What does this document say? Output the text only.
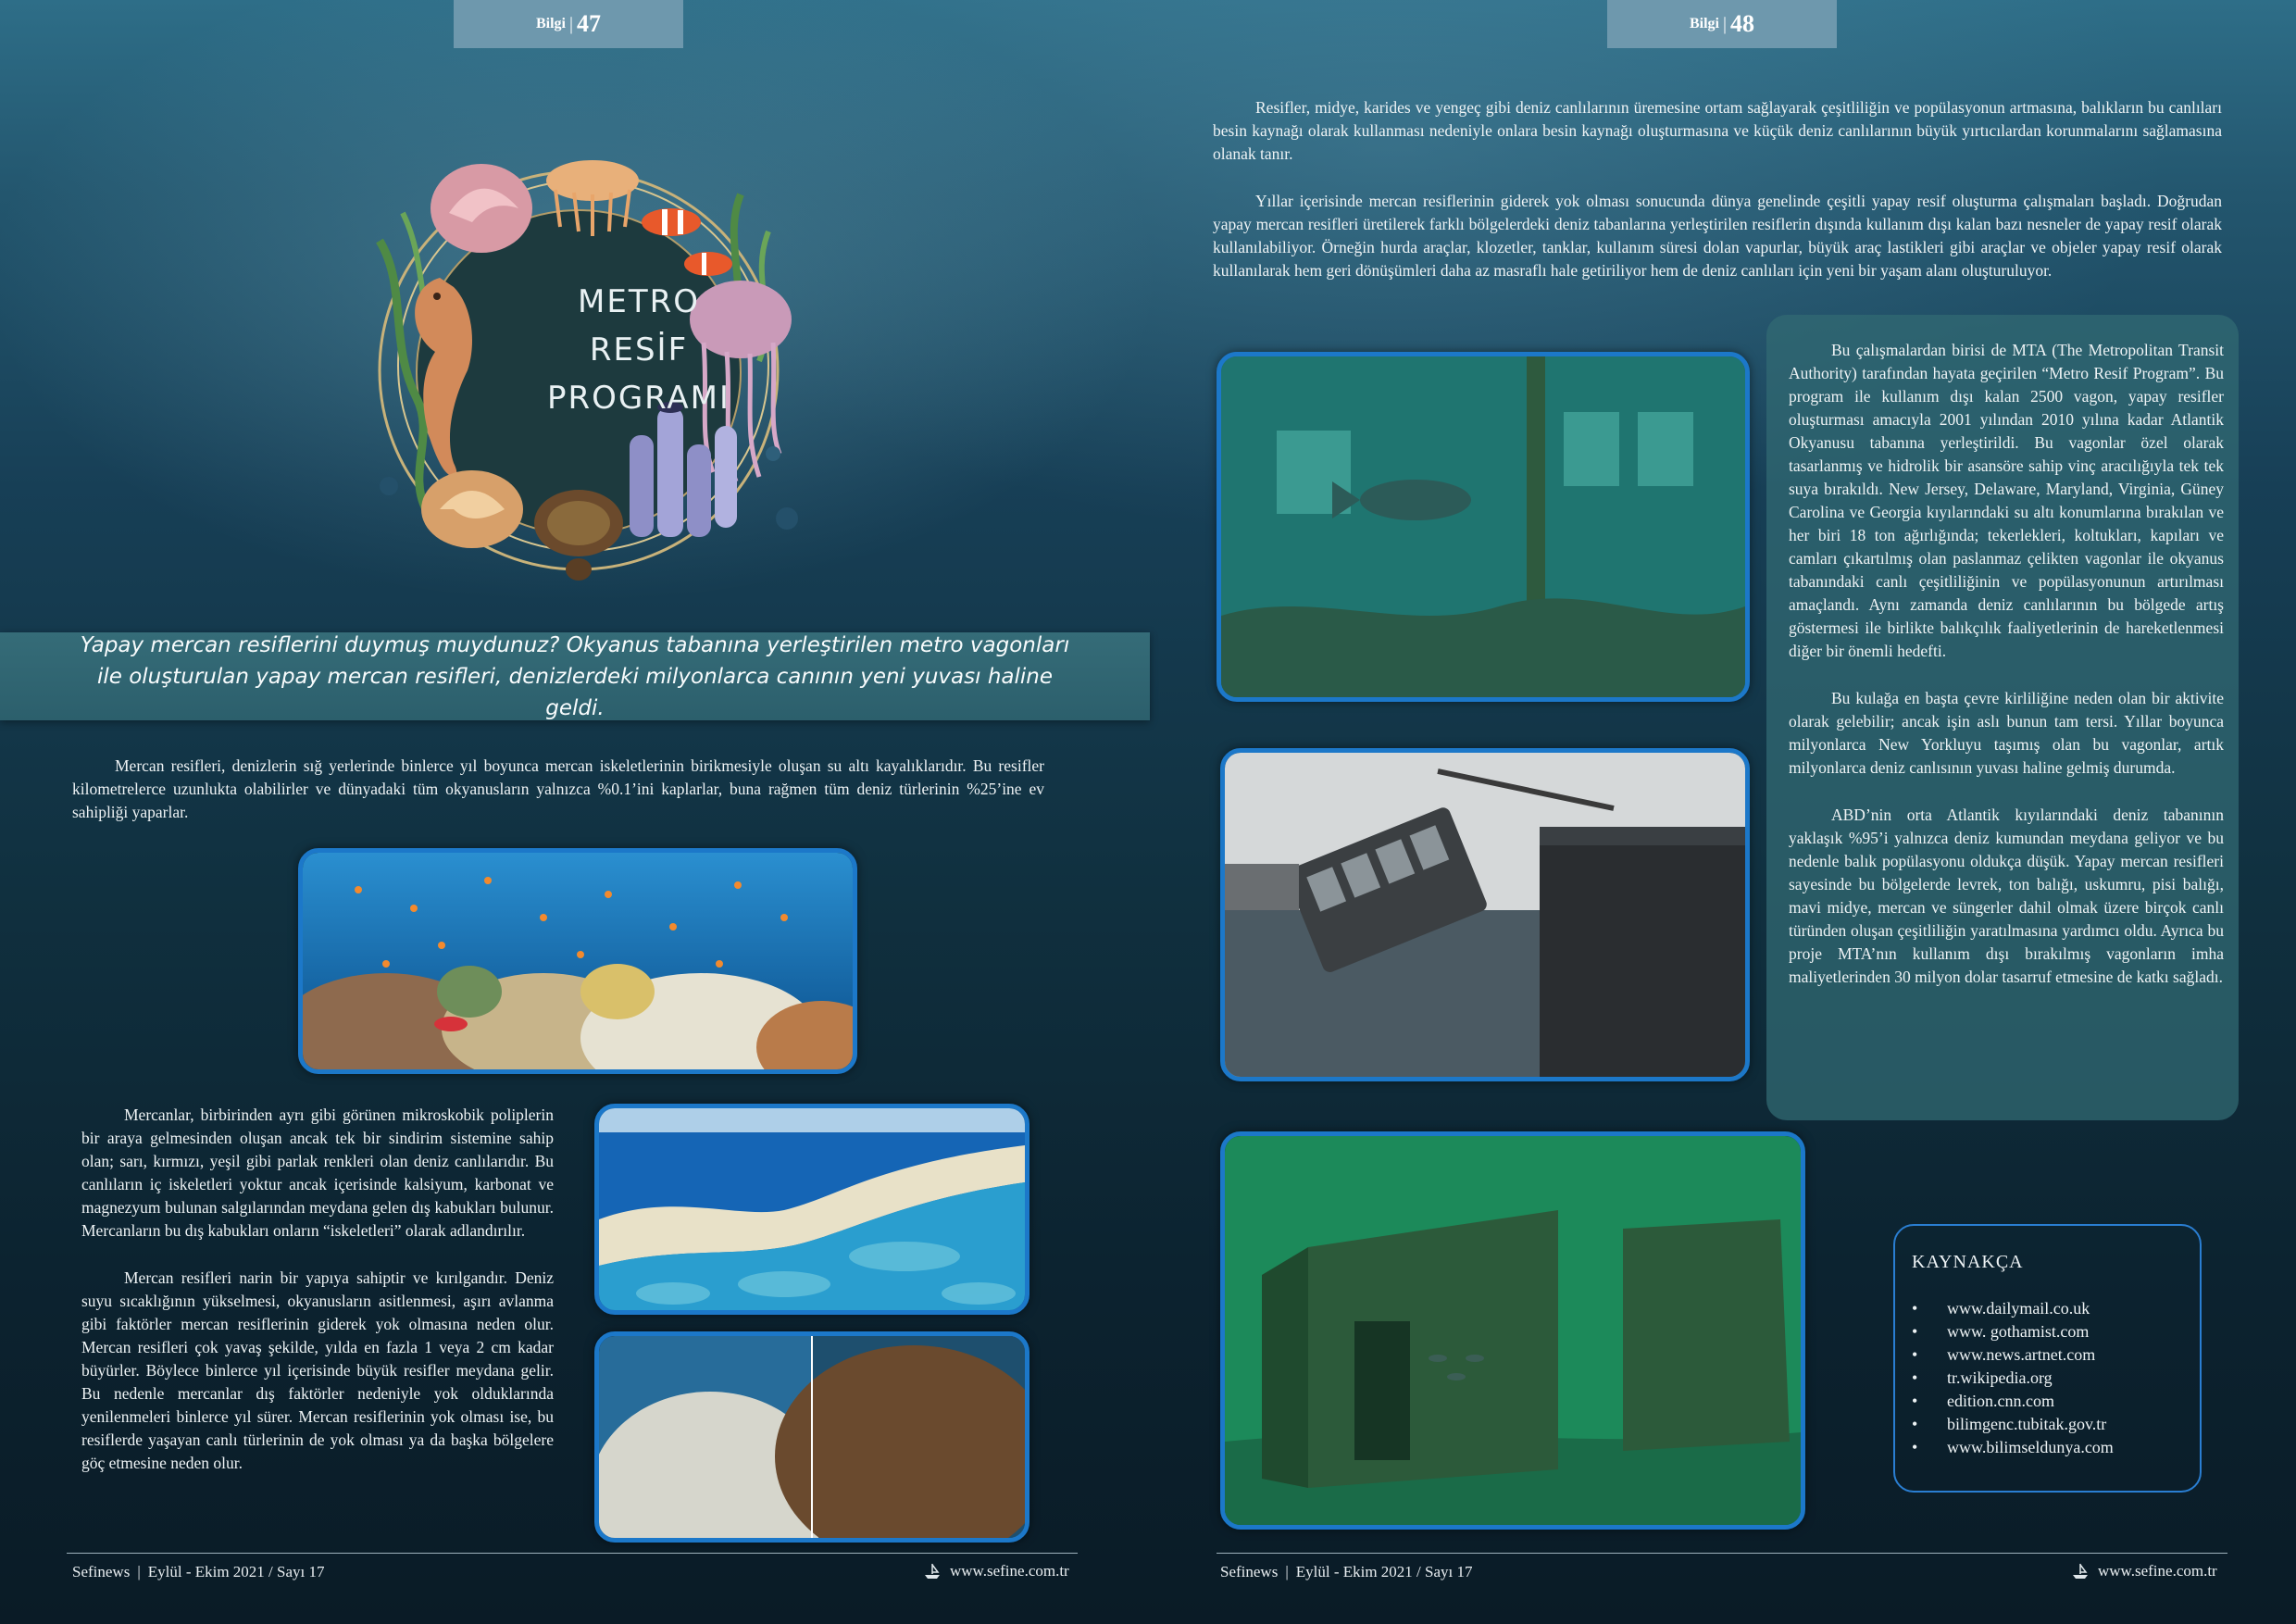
Bilgi | 47
METRO
RESİF
PROGRAMI

Yapay mercan resiflerini duymuş muydunuz? Okyanus tabanına yerleştirilen metro vagonları ile oluşturulan yapay mercan resifleri, denizlerdeki milyonlarca canının yeni yuvası haline geldi.

Mercan resifleri, denizlerin sığ yerlerinde binlerce yıl boyunca mercan iskeletlerinin birikmesiyle oluşan su altı kayalıklarıdır. Bu resifler kilometrelerce uzunlukta olabilirler ve dünyadaki tüm okyanusların yalnızca %0.1’ini kaplarlar, buna rağmen tüm deniz türlerinin %25’ine ev sahipliği yaparlar.

Mercanlar, birbirinden ayrı gibi görünen mikroskobik poliplerin bir araya gelmesinden oluşan ancak tek bir sindirim sistemine sahip olan; sarı, kırmızı, yeşil gibi parlak renkleri olan deniz canlılarıdır. Bu canlıların iç iskeletleri yoktur ancak içerisinde kalsiyum, karbonat ve magnezyum bulunan salgılarından meydana gelen dış kabukları bulunur. Mercanların bu dış kabukları onların “iskeletleri” olarak adlandırılır.

Mercan resifleri narin bir yapıya sahiptir ve kırılgandır. Deniz suyu sıcaklığının yükselmesi, okyanusların asitlenmesi, aşırı avlanma gibi faktörler mercan resiflerinin giderek yok olmasına neden olur. Mercan resifleri çok yavaş şekilde, yılda en fazla 1 veya 2 cm kadar büyürler. Böylece binlerce yıl içerisinde büyük resifler meydana gelir. Bu nedenle mercanlar dış faktörler nedeniyle yok olduklarında yenilenmeleri binlerce yıl sürer. Mercan resiflerinin yok olması ise, bu resiflerde yaşayan canlı türlerinin de yok olması ya da başka bölgelere göç etmesine neden olur.

Sefinews | Eylül - Ekim 2021 / Sayı 17	www.sefine.com.tr
Bilgi | 48

Resifler, midye, karides ve yengeç gibi deniz canlılarının üremesine ortam sağlayarak çeşitliliğin ve popülasyonun artmasına, balıkların bu canlıları besin kaynağı olarak kullanması nedeniyle onlara besin kaynağı oluşturmasına ve küçük deniz canlılarının büyük yırtıcılardan korunmalarını sağlamasına olanak tanır.

Yıllar içerisinde mercan resiflerinin giderek yok olması sonucunda dünya genelinde çeşitli yapay resif oluşturma çalışmaları başladı. Doğrudan yapay mercan resifleri üretilerek farklı bölgelerdeki deniz tabanlarına yerleştirilen resiflerin dışında kullanım dışı kalan bazı nesneler de yapay resif olarak kullanılabiliyor. Örneğin hurda araçlar, klozetler, tanklar, kullanım süresi dolan vapurlar, büyük araç lastikleri gibi araçlar ve objeler yapay resif olarak kullanılarak hem geri dönüşümleri daha az masraflı hale getiriliyor hem de deniz canlıları için yeni bir yaşam alanı oluşturuluyor.

Bu çalışmalardan birisi de MTA (The Metropolitan Transit Authority) tarafından hayata geçirilen “Metro Resif Program”. Bu program ile kullanım dışı kalan 2500 vagon, yapay resifler oluşturması amacıyla 2001 yılından 2010 yılına kadar Atlantik Okyanusu tabanına yerleştirildi. Bu vagonlar özel olarak tasarlanmış ve hidrolik bir asansöre sahip vinç aracılığıyla tek tek suya bırakıldı. New Jersey, Delaware, Maryland, Virginia, Güney Carolina ve Georgia kıyılarındaki su altı konumlarına bırakılan ve her biri 18 ton ağırlığında; tekerlekleri, koltukları, kapıları ve camları çıkartılmış olan paslanmaz çelikten vagonlar ile okyanus tabanındaki canlı çeşitliliğinin ve popülasyonunun artırılması amaçlandı. Aynı zamanda deniz canlılarının bu bölgede artış göstermesi ile birlikte balıkçılık faaliyetlerinin de hareketlenmesi diğer bir önemli hedefti.

Bu kulağa en başta çevre kirliliğine neden olan bir aktivite olarak gelebilir; ancak işin aslı bunun tam tersi. Yıllar boyunca milyonlarca New Yorkluyu taşımış olan bu vagonlar, artık milyonlarca deniz canlısının yuvası haline gelmiş durumda.

ABD’nin orta Atlantik kıyılarındaki deniz tabanının yaklaşık %95’i yalnızca deniz kumundan meydana geliyor ve bu nedenle balık popülasyonu oldukça düşük. Yapay mercan resifleri sayesinde bu bölgelerde levrek, ton balığı, uskumru, pisi balığı, mavi midye, mercan ve süngerler dahil olmak üzere birçok canlı türünden oluşan çeşitliliğin yaratılmasına yardımcı oldu. Ayrıca bu proje MTA’nın kullanım dışı bırakılmış vagonların imha maliyetlerinden 30 milyon dolar tasarruf etmesine de katkı sağladı.

KAYNAKÇA
• www.dailymail.co.uk
• www. gothamist.com
• www.news.artnet.com
• tr.wikipedia.org
• edition.cnn.com
• bilimgenc.tubitak.gov.tr
• www.bilimseldunya.com
Sefinews | Eylül - Ekim 2021 / Sayı 17	www.sefine.com.tr
